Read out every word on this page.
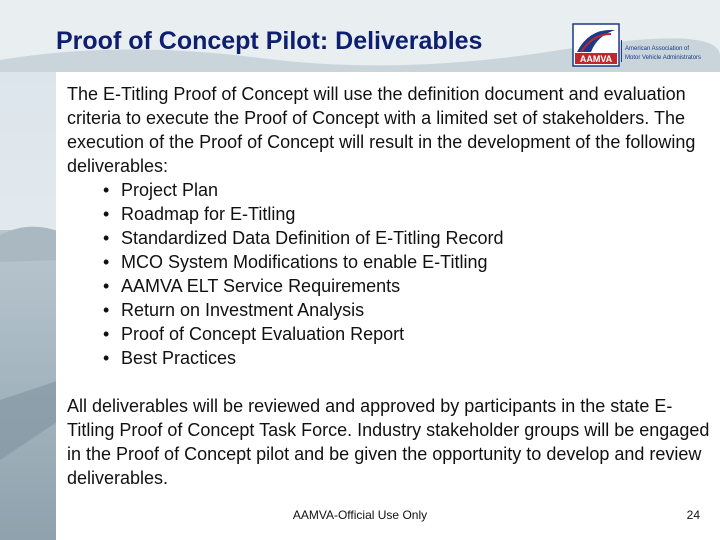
Proof of Concept Pilot: Deliverables
AAMVA
American Association of
Motor Vehicle Administrators

The E-Titling Proof of Concept will use the definition document and evaluation criteria to execute the Proof of Concept with a limited set of stakeholders. The execution of the Proof of Concept will result in the development of the following deliverables:

• Project Plan
• Roadmap for E-Titling
• Standardized Data Definition of E-Titling Record
• MCO System Modifications to enable E-Titling
• AAMVA ELT Service Requirements
• Return on Investment Analysis
• Proof of Concept Evaluation Report
• Best Practices

All deliverables will be reviewed and approved by participants in the state E-Titling Proof of Concept Task Force. Industry stakeholder groups will be engaged in the Proof of Concept pilot and be given the opportunity to develop and review deliverables.

AAMVA-Official Use Only	24
